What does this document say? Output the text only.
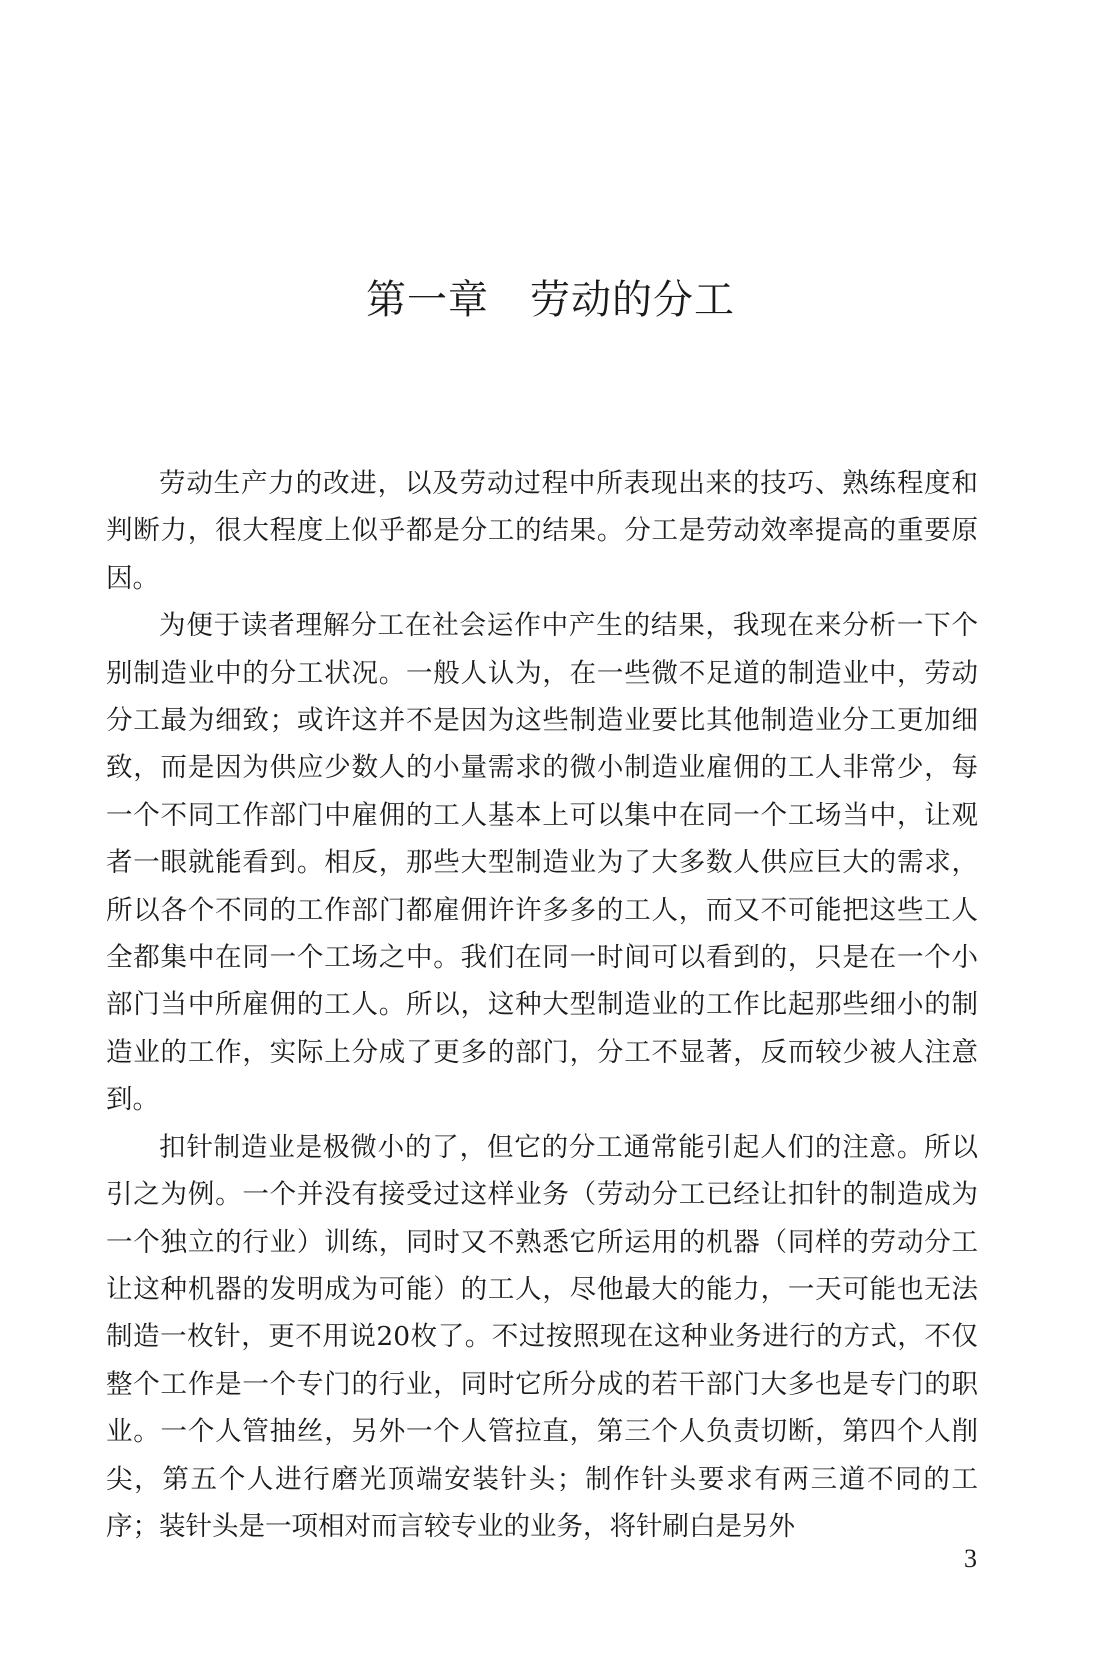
第一章　劳动的分工

劳动生产力的改进，以及劳动过程中所表现出来的技巧、熟练程度和判断力，很大程度上似乎都是分工的结果。分工是劳动效率提高的重要原因。

为便于读者理解分工在社会运作中产生的结果，我现在来分析一下个别制造业中的分工状况。一般人认为，在一些微不足道的制造业中，劳动分工最为细致；或许这并不是因为这些制造业要比其他制造业分工更加细致，而是因为供应少数人的小量需求的微小制造业雇佣的工人非常少，每一个不同工作部门中雇佣的工人基本上可以集中在同一个工场当中，让观者一眼就能看到。相反，那些大型制造业为了大多数人供应巨大的需求，所以各个不同的工作部门都雇佣许许多多的工人，而又不可能把这些工人全都集中在同一个工场之中。我们在同一时间可以看到的，只是在一个小部门当中所雇佣的工人。所以，这种大型制造业的工作比起那些细小的制造业的工作，实际上分成了更多的部门，分工不显著，反而较少被人注意到。

扣针制造业是极微小的了，但它的分工通常能引起人们的注意。所以引之为例。一个并没有接受过这样业务（劳动分工已经让扣针的制造成为一个独立的行业）训练，同时又不熟悉它所运用的机器（同样的劳动分工让这种机器的发明成为可能）的工人，尽他最大的能力，一天可能也无法制造一枚针，更不用说20枚了。不过按照现在这种业务进行的方式，不仅整个工作是一个专门的行业，同时它所分成的若干部门大多也是专门的职业。一个人管抽丝，另外一个人管拉直，第三个人负责切断，第四个人削尖，第五个人进行磨光顶端安装针头；制作针头要求有两三道不同的工序；装针头是一项相对而言较专业的业务，将针刷白是另外

3
